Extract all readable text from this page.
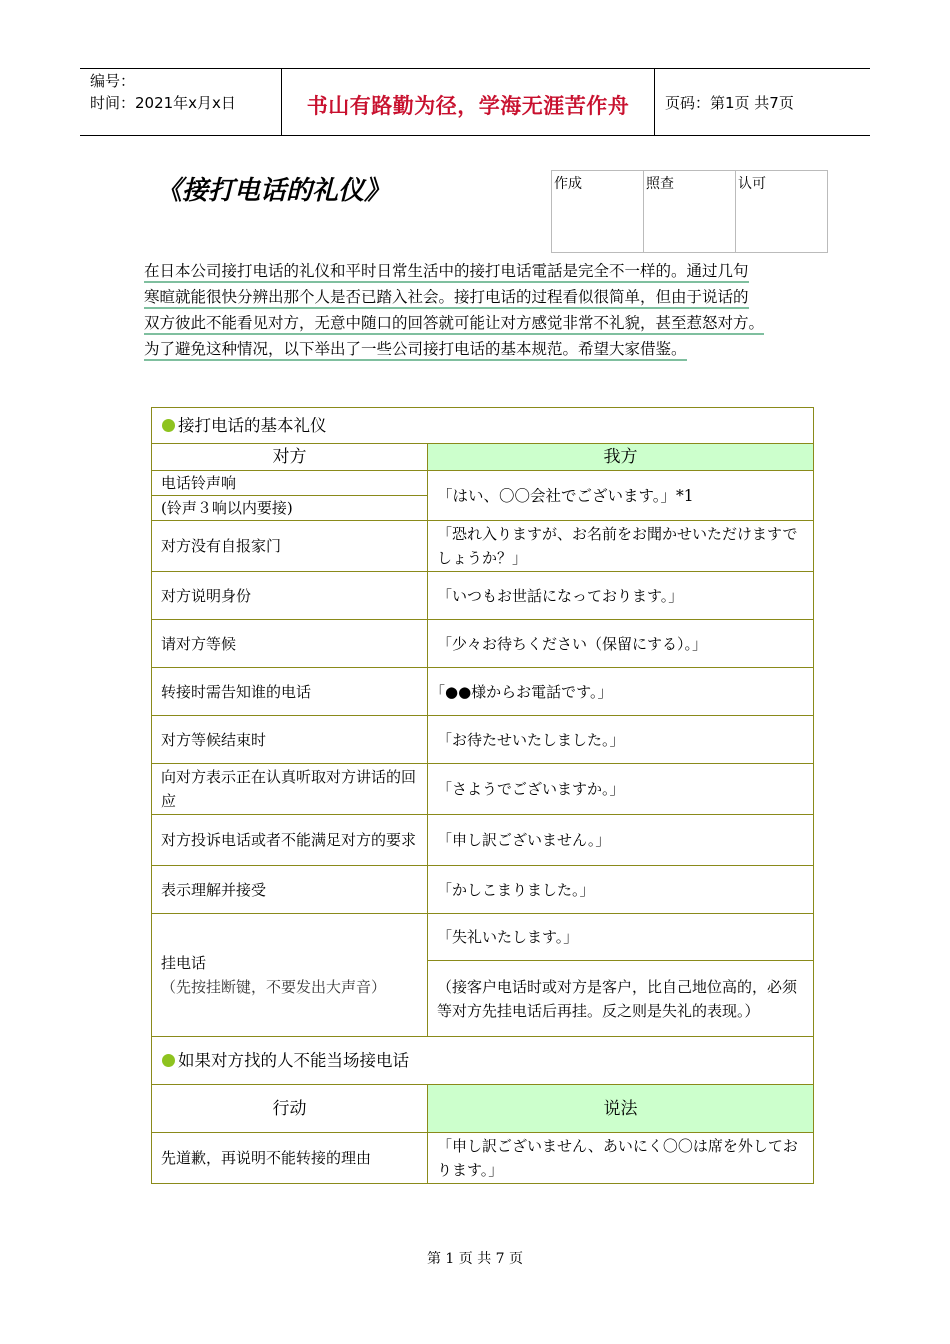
编号：
时间：2021年x月x日	书山有路勤为径，学海无涯苦作舟	页码：第1页 共7页
《接打电话的礼仪》	作成	照查	认可
在日本公司接打电话的礼仪和平时日常生活中的接打电话電話是完全不一样的。通过几句
寒暄就能很快分辨出那个人是否已踏入社会。接打电话的过程看似很简单，但由于说话的
双方彼此不能看见对方，无意中随口的回答就可能让对方感觉非常不礼貌，甚至惹怒对方。
为了避免这种情况，以下举出了一些公司接打电话的基本规范。希望大家借鉴。
接打电话的基本礼仪	
对方	我方
电话铃声响	「はい、〇〇会社でございます。」*1
(铃声３响以内要接)	
对方没有自报家门	「恐れ入りますが、お名前をお聞かせいただけますでしょうか？」
对方说明身份	「いつもお世話になっております。」
请对方等候	「少々お待ちください（保留にする）。」
转接时需告知谁的电话	「●●様からお電話です。」
对方等候结束时	「お待たせいたしました。」
向对方表示正在认真听取对方讲话的回应	「さようでございますか。」
对方投诉电话或者不能满足对方的要求	「申し訳ございません。」
表示理解并接受	「かしこまりました。」

挂电话
（先按挂断键，不要发出大声音）	「失礼いたします。」
	（接客户电话时或对方是客户，比自己地位高的，必须等对方先挂电话后再挂。反之则是失礼的表现。）
如果对方找的人不能当场接电话	
行动	说法
先道歉，再说明不能转接的理由	「申し訳ございません、あいにく〇〇は席を外しております。」
第 1 页 共 7 页
